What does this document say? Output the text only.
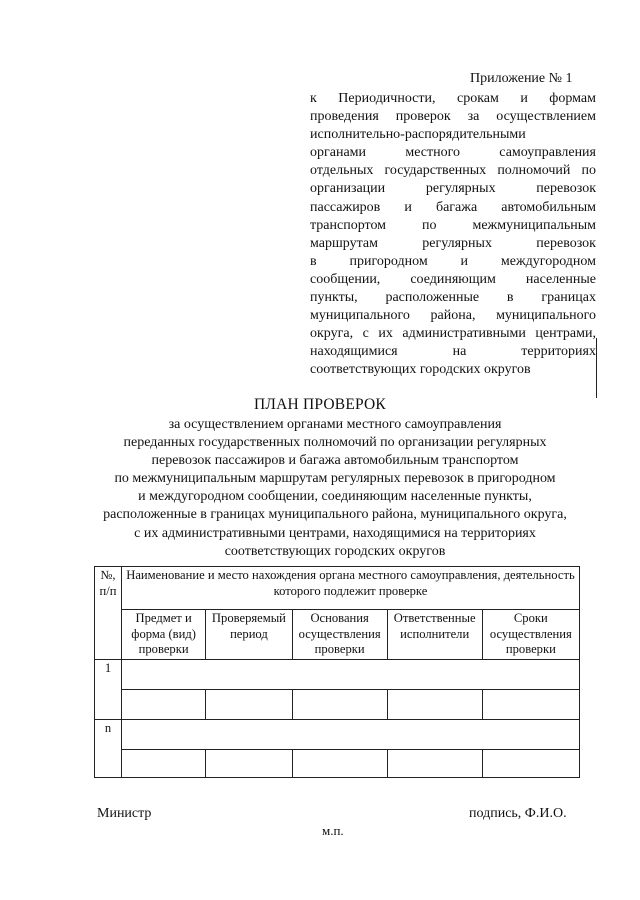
Приложение № 1
к Периодичности, срокам и формам
проведения проверок за осуществлением
исполнительно-распорядительными
органами местного самоуправления
отдельных государственных полномочий по
организации регулярных перевозок
пассажиров и багажа автомобильным
транспортом по межмуниципальным
маршрутам регулярных перевозок
в пригородном и междугородном
сообщении, соединяющим населенные
пункты, расположенные в границах
муниципального района, муниципального
округа, с их административными центрами,
находящимися на территориях
соответствующих городских округов
ПЛАН ПРОВЕРОК
за осуществлением органами местного самоуправления
переданных государственных полномочий по организации регулярных
перевозок пассажиров и багажа автомобильным транспортом
по межмуниципальным маршрутам регулярных перевозок в пригородном
и междугородном сообщении, соединяющим населенные пункты,
расположенные в границах муниципального района, муниципального округа,
с их административными центрами, находящимися на территориях
соответствующих городских округов
№, п/п	Наименование и место нахождения органа местного самоуправления, деятельность которого подлежит проверке				
	Предмет и форма (вид) проверки	Проверяемый период	Основания осуществления проверки	Ответственные исполнители	Сроки осуществления проверки
1					

n					

Министр	подпись, Ф.И.О.
м.п.
